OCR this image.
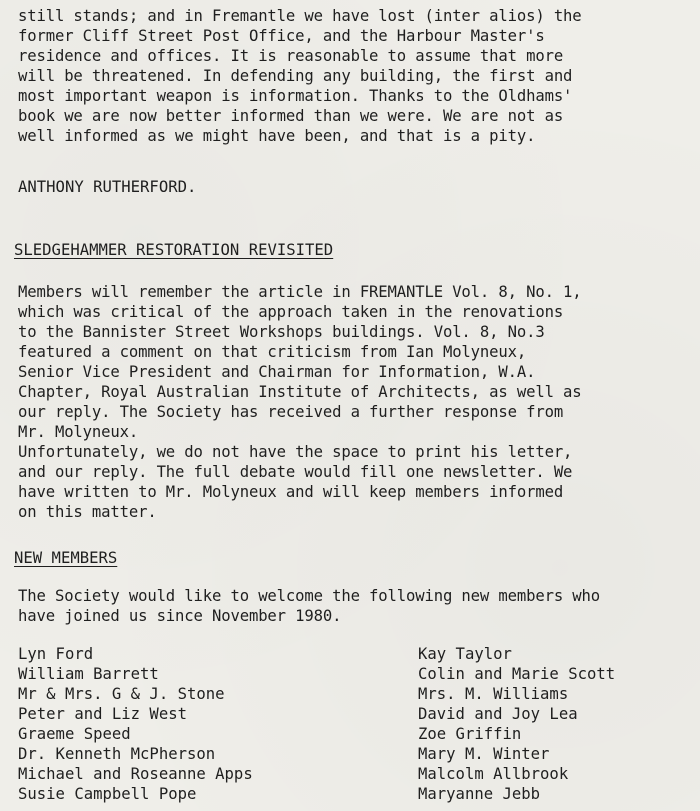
still stands; and in Fremantle we have lost (inter alios) the
former Cliff Street Post Office, and the Harbour Master's
residence and offices. It is reasonable to assume that more
will be threatened. In defending any building, the first and
most important weapon is information. Thanks to the Oldhams'
book we are now better informed than we were. We are not as
well informed as we might have been, and that is a pity.

ANTHONY RUTHERFORD.

SLEDGEHAMMER RESTORATION REVISITED

Members will remember the article in FREMANTLE Vol. 8, No. 1,
which was critical of the approach taken in the renovations
to the Bannister Street Workshops buildings. Vol. 8, No.3
featured a comment on that criticism from Ian Molyneux,
Senior Vice President and Chairman for Information, W.A.
Chapter, Royal Australian Institute of Architects, as well as
our reply. The Society has received a further response from
Mr. Molyneux.

Unfortunately, we do not have the space to print his letter,
and our reply. The full debate would fill one newsletter. We
have written to Mr. Molyneux and will keep members informed
on this matter.

NEW MEMBERS

The Society would like to welcome the following new members who
have joined us since November 1980.

Lyn Ford	Kay Taylor
William Barrett	Colin and Marie Scott
Mr & Mrs. G & J. Stone	Mrs. M. Williams
Peter and Liz West	David and Joy Lea
Graeme Speed	Zoe Griffin
Dr. Kenneth McPherson	Mary M. Winter
Michael and Roseanne Apps	Malcolm Allbrook
Susie Campbell Pope	Maryanne Jebb
